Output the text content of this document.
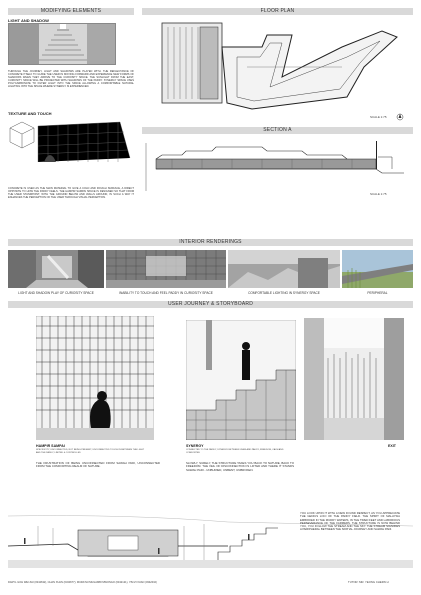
MODIFYING ELEMENTS
LIGHT AND SHADOW
THROUGH THE JOURNEY, LIGHT AND SHADOWS ARE PLAYED WITH. THE REFLECTANCE OF CONCRETE ITSELF TO GUIDE THE USER IN MOVING FORWARD AND EXPERIENCE NEW FORMS OF SHADOWS WHEN THEY ARRIVE TO THE CURIOSITY SPACE. THE SUNLIGHT FROM THE EAST, CURIOSITY SPACE WILL BE PROJECTED WITH SHADOWS OF THE PADDY. SYNERGY SPACE USES POLYCARBONATE TO FILTER LIGHT INTO THE SPACE ALLOWING A COMFORTABLE NATURAL LIGHTING INTO THE SPACE WHERE SYNERGY IS EXPERIENCED.
TEXTURE AND TOUCH
CONCRETE IS USED AS THE MAIN MATERIAL TO GIVE A COLD AND ROUGH SURFACE, A DIRECT OPPOSITE TO HOW THE PADDY FEELS. THE HAMPIR SAMPAI SPACE IS DESIGNED SO THAT FROM THE USER STANDPOINT, WITH THE GROUND BELOW AND WALLS AROUND, IN SUCH A WAY IT ENHANCES THE PERCEPTION OF THE USER THROUGH VISUAL PERCEPTION.
FLOOR PLAN
SCALE 1:75
SECTION A
SCALE 1:75
INTERIOR RENDERINGS
LIGHT AND SHADOW PLAY OF CURIOSITY SPACE	INABILITY TO TOUCH AND FEEL PADDY IN CURIOSITY SPACE	COMFORTABLE LIGHTING IN SYNERGY SPACE	PERIPHERAL
USER JOURNEY & STORYBOARD
HAMPIR SAMPAI
SPECIFICITY, UNCONNECTED, NOT BEING PRESENT, UNCONNECTED TOUCH IN BETWEEN THE LIGHT AND THE PADDY, LIMITED & CONTROLLED
THE FRUSTRATION OF BEING UNCONNECTED FROM SAWAH PADI, UNCONNECTED FROM THE COMFORTING REALM OF NATURE.
SYNERGY
CONNECTED TO THE PADDY, SYNERGY BETWEEN USER AND PADDY, FREEDOM, CALM AND COMFORTED
SLOWLY, SURELY, THE STRUCTURE TAKES YOU BACK TO NATURE, BACK TO FREEDOM. THE VEIL OF DISCONNECTION IS LIFTED AND THERE IT STANDS SAWAH PADI - UNBURIED, UNBENT, UNBROKEN.
EXIT
YOU LOOK UPON IT WITH A NEW FOUND RESPECT, AS YOU APPRECIATE THE GENIUS LOCI OF THE PADDY FIELD. THE SPIRIT OF MALAYSIA EMBODIED IN THE MUDDY WATERS, IN THE TIRED FEET AND LABORIOUS PERSEVERANCE OF THE FARMERS. THE STRUCTURE IS NOW BEHIND YOU, YOU FOLLOW THE STREAM AND THE SKY. THE STREAM SIGNIFIES A PERIPHERAL BETWEEN THE SPATIAL JOURNEY AND SAWAH PADI.
DARYL GOH WEI ZHI (0342632), CHAN XUAN (0343677), MURATHI MUGAMBI MWONGO (0342121), YIM ZI XUAN (0342010)	TUTOR: MR. YEONG CHERN LI
